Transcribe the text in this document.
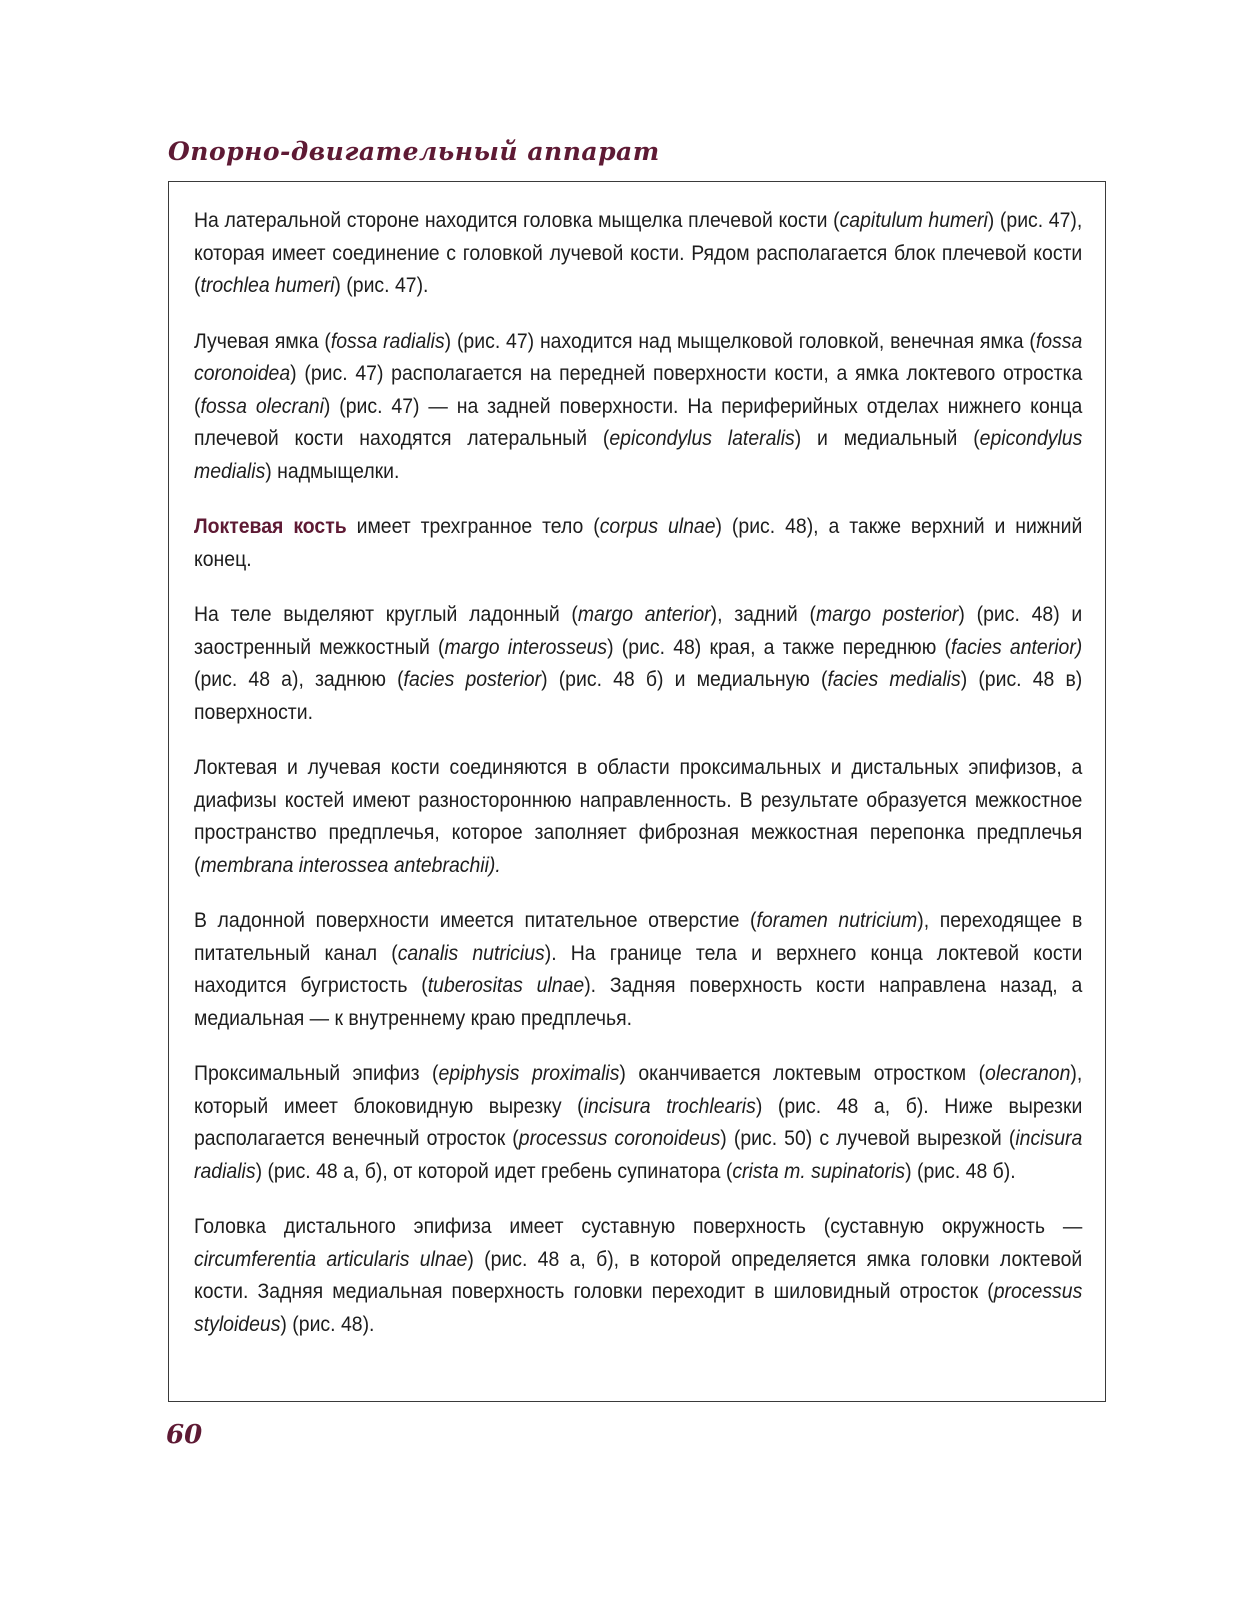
Опорно-двигательный аппарат

На латеральной стороне находится головка мыщелка плечевой кости (capitulum humeri) (рис. 47), которая имеет соединение с головкой лучевой кости. Рядом располагается блок плечевой кости (trochlea humeri) (рис. 47).

Лучевая ямка (fossa radialis) (рис. 47) находится над мыщелковой головкой, венечная ямка (fossa coronoidea) (рис. 47) располагается на передней поверхности кости, а ямка локтевого отростка (fossa olecrani) (рис. 47) — на задней поверхности. На периферийных отделах нижнего конца плечевой кости находятся латеральный (epicondylus lateralis) и медиальный (epicondylus medialis) надмыщелки.

Локтевая кость имеет трехгранное тело (corpus ulnae) (рис. 48), а также верхний и нижний конец.

На теле выделяют круглый ладонный (margo anterior), задний (margo posterior) (рис. 48) и заостренный межкостный (margo interosseus) (рис. 48) края, а также переднюю (facies anterior) (рис. 48 а), заднюю (facies posterior) (рис. 48 б) и медиальную (facies medialis) (рис. 48 в) поверхности.

Локтевая и лучевая кости соединяются в области проксимальных и дистальных эпифизов, а диафизы костей имеют разностороннюю направленность. В результате образуется межкостное пространство предплечья, которое заполняет фиброзная межкостная перепонка предплечья (membrana interossea antebrachii).

В ладонной поверхности имеется питательное отверстие (foramen nutricium), переходящее в питательный канал (canalis nutricius). На границе тела и верхнего конца локтевой кости находится бугристость (tuberositas ulnae). Задняя поверхность кости направлена назад, а медиальная — к внутреннему краю предплечья.

Проксимальный эпифиз (epiphysis proximalis) оканчивается локтевым отростком (olecranon), который имеет блоковидную вырезку (incisura trochlearis) (рис. 48 а, б). Ниже вырезки располагается венечный отросток (processus coronoideus) (рис. 50) с лучевой вырезкой (incisura radialis) (рис. 48 а, б), от которой идет гребень супинатора (crista m. supinatoris) (рис. 48 б).

Головка дистального эпифиза имеет суставную поверхность (суставную окружность — circumferentia articularis ulnae) (рис. 48 а, б), в которой определяется ямка головки локтевой кости. Задняя медиальная поверхность головки переходит в шиловидный отросток (processus styloideus) (рис. 48).

60
